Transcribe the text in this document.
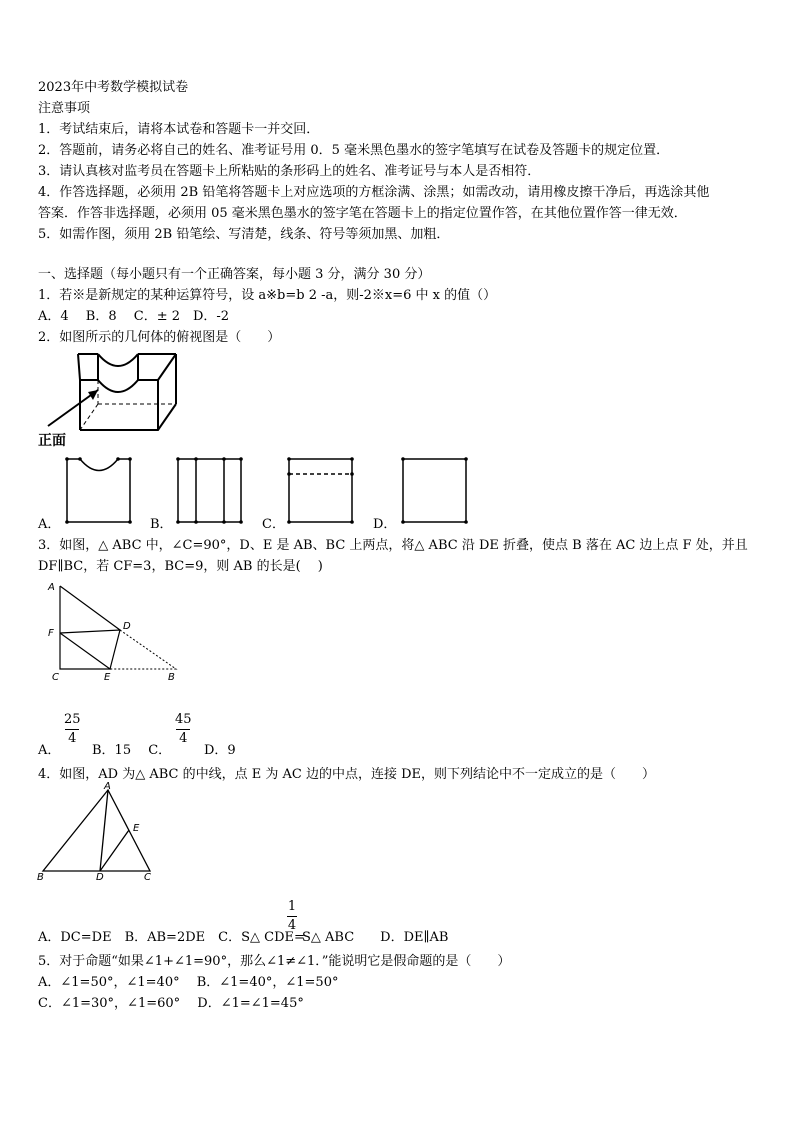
2023年中考数学模拟试卷
注意事项
1．考试结束后，请将本试卷和答题卡一并交回．
2．答题前，请务必将自己的姓名、准考证号用 0．5 毫米黑色墨水的签字笔填写在试卷及答题卡的规定位置．
3．请认真核对监考员在答题卡上所粘贴的条形码上的姓名、准考证号与本人是否相符．
4．作答选择题，必须用 2B 铅笔将答题卡上对应选项的方框涂满、涂黑；如需改动，请用橡皮擦干净后，再选涂其他
答案．作答非选择题，必须用 05 毫米黑色墨水的签字笔在答题卡上的指定位置作答，在其他位置作答一律无效．
5．如需作图，须用 2B 铅笔绘、写清楚，线条、符号等须加黑、加粗．
一、选择题（每小题只有一个正确答案，每小题 3 分，满分 30 分）
1．若※是新规定的某种运算符号，设 a※b=b 2 -a，则-2※x=6 中 x 的值（）
A．4　 B．8　 C．± 2　D．-2
2．如图所示的几何体的俯视图是（　　）
正面
A．	B．	C．	D．
3．如图，△ ABC 中，∠C=90°，D、E 是 AB、BC 上两点，将△ ABC 沿 DE 折叠，使点 B 落在 AC 边上点 F 处，并且
DF∥BC，若 CF=3，BC=9，则 AB 的长是(　 )
A
F
D
C	E	B
A．
25
4
B．15　 C．
45
4
D．9
4．如图，AD 为△ ABC 的中线，点 E 为 AC 边的中点，连接 DE，则下列结论中不一定成立的是（　　）
A
E
B	D	C
A．DC=DE　B．AB=2DE　C．S△ CDE=
1
4
S△ ABC　　D．DE∥AB
5．对于命题“如果∠1+∠1=90°，那么∠1≠∠1．”能说明它是假命题的是（　　）
A．∠1=50°，∠1=40°　 B．∠1=40°，∠1=50°
C．∠1=30°，∠1=60°　 D．∠1=∠1=45°
